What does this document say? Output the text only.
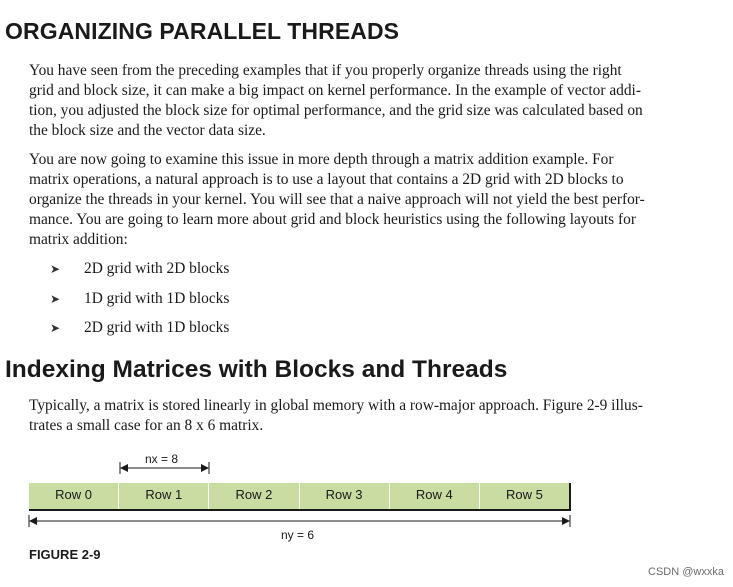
ORGANIZING PARALLEL THREADS

You have seen from the preceding examples that if you properly organize threads using the right
grid and block size, it can make a big impact on kernel performance. In the example of vector addi-
tion, you adjusted the block size for optimal performance, and the grid size was calculated based on
the block size and the vector data size.

You are now going to examine this issue in more depth through a matrix addition example. For
matrix operations, a natural approach is to use a layout that contains a 2D grid with 2D blocks to
organize the threads in your kernel. You will see that a naive approach will not yield the best perfor-
mance. You are going to learn more about grid and block heuristics using the following layouts for
matrix addition:

➤ 2D grid with 2D blocks
➤ 1D grid with 1D blocks
➤ 2D grid with 1D blocks
Indexing Matrices with Blocks and Threads

Typically, a matrix is stored linearly in global memory with a row-major approach. Figure 2-9 illus-
trates a small case for an 8 x 6 matrix.

nx = 8
Row 0	Row 1	Row 2	Row 3	Row 4	Row 5
ny = 6
FIGURE 2-9
CSDN @wxxka
